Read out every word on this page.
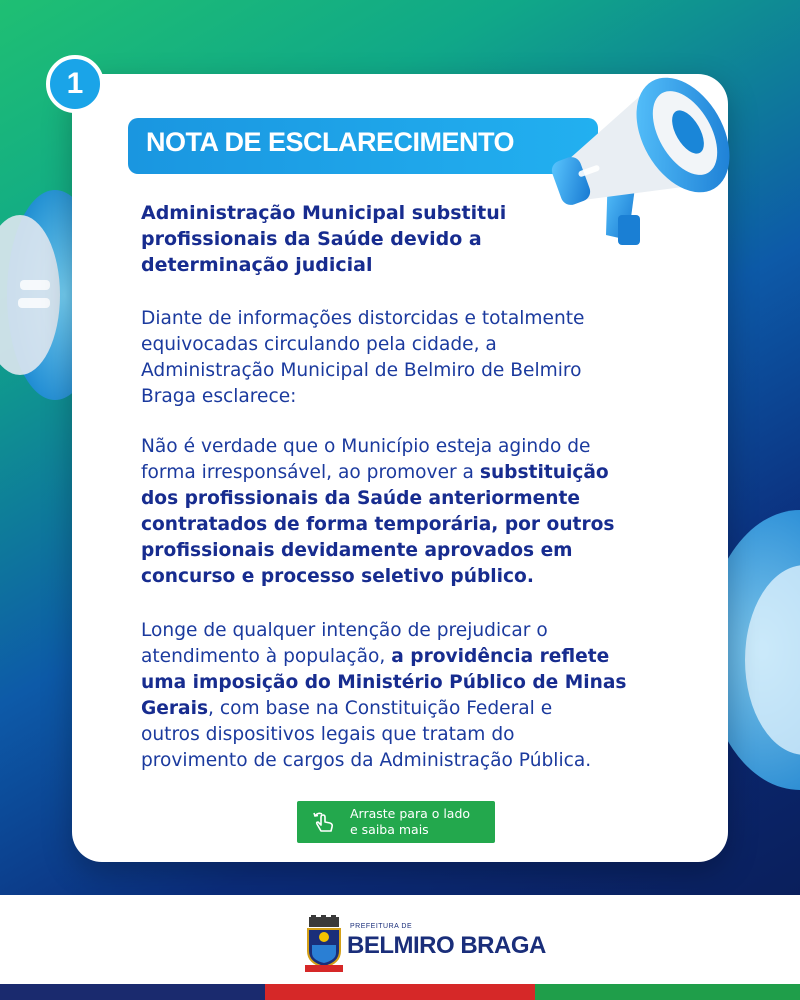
1
NOTA DE ESCLARECIMENTO
Administração Municipal substitui
profissionais da Saúde devido a
determinação judicial
Diante de informações distorcidas e totalmente
equivocadas circulando pela cidade, a
Administração Municipal de Belmiro de Belmiro
Braga esclarece:
Não é verdade que o Município esteja agindo de
forma irresponsável, ao promover a substituição
dos profissionais da Saúde anteriormente
contratados de forma temporária, por outros
profissionais devidamente aprovados em
concurso e processo seletivo público.
Longe de qualquer intenção de prejudicar o
atendimento à população, a providência reflete
uma imposição do Ministério Público de Minas
Gerais, com base na Constituição Federal e
outros dispositivos legais que tratam do
provimento de cargos da Administração Pública.
Arraste para o lado
e saiba mais
PREFEITURA DE
BELMIRO BRAGA
